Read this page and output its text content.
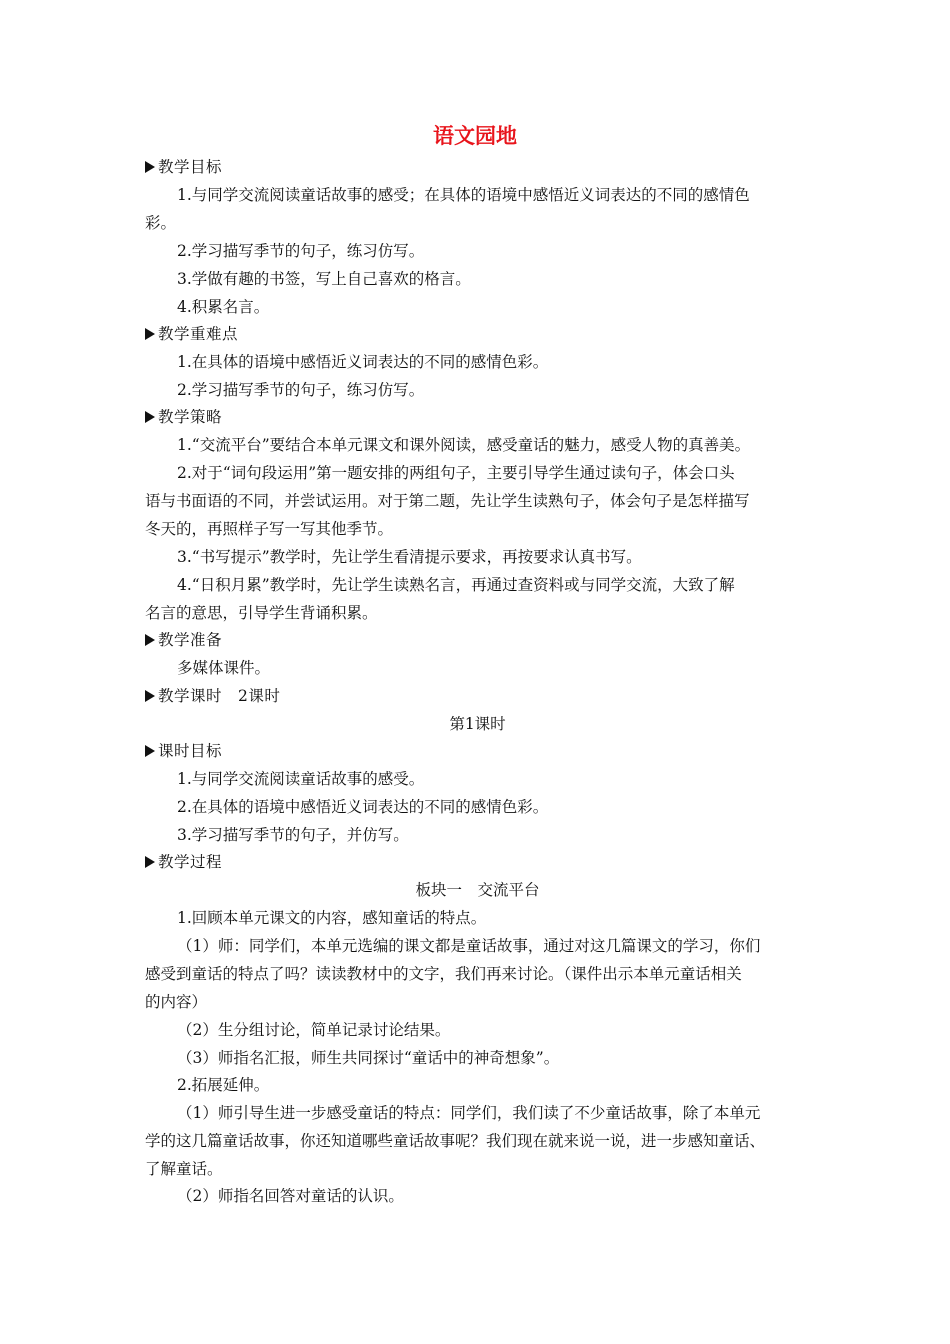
语文园地
教学目标
1.与同学交流阅读童话故事的感受；在具体的语境中感悟近义词表达的不同的感情色
彩。
2.学习描写季节的句子，练习仿写。
3.学做有趣的书签，写上自己喜欢的格言。
4.积累名言。
教学重难点
1.在具体的语境中感悟近义词表达的不同的感情色彩。
2.学习描写季节的句子，练习仿写。
教学策略
1.“交流平台”要结合本单元课文和课外阅读，感受童话的魅力，感受人物的真善美。
2.对于“词句段运用”第一题安排的两组句子，主要引导学生通过读句子，体会口头
语与书面语的不同，并尝试运用。对于第二题，先让学生读熟句子，体会句子是怎样描写
冬天的，再照样子写一写其他季节。
3.“书写提示”教学时，先让学生看清提示要求，再按要求认真书写。
4.“日积月累”教学时，先让学生读熟名言，再通过查资料或与同学交流，大致了解
名言的意思，引导学生背诵积累。
教学准备
多媒体课件。
教学课时　2课时
第1课时
课时目标
1.与同学交流阅读童话故事的感受。
2.在具体的语境中感悟近义词表达的不同的感情色彩。
3.学习描写季节的句子，并仿写。
教学过程
板块一　交流平台
1.回顾本单元课文的内容，感知童话的特点。
（1）师：同学们，本单元选编的课文都是童话故事，通过对这几篇课文的学习，你们
感受到童话的特点了吗？读读教材中的文字，我们再来讨论。（课件出示本单元童话相关
的内容）
（2）生分组讨论，简单记录讨论结果。
（3）师指名汇报，师生共同探讨“童话中的神奇想象”。
2.拓展延伸。
（1）师引导生进一步感受童话的特点：同学们，我们读了不少童话故事，除了本单元
学的这几篇童话故事，你还知道哪些童话故事呢？我们现在就来说一说，进一步感知童话、
了解童话。
（2）师指名回答对童话的认识。
